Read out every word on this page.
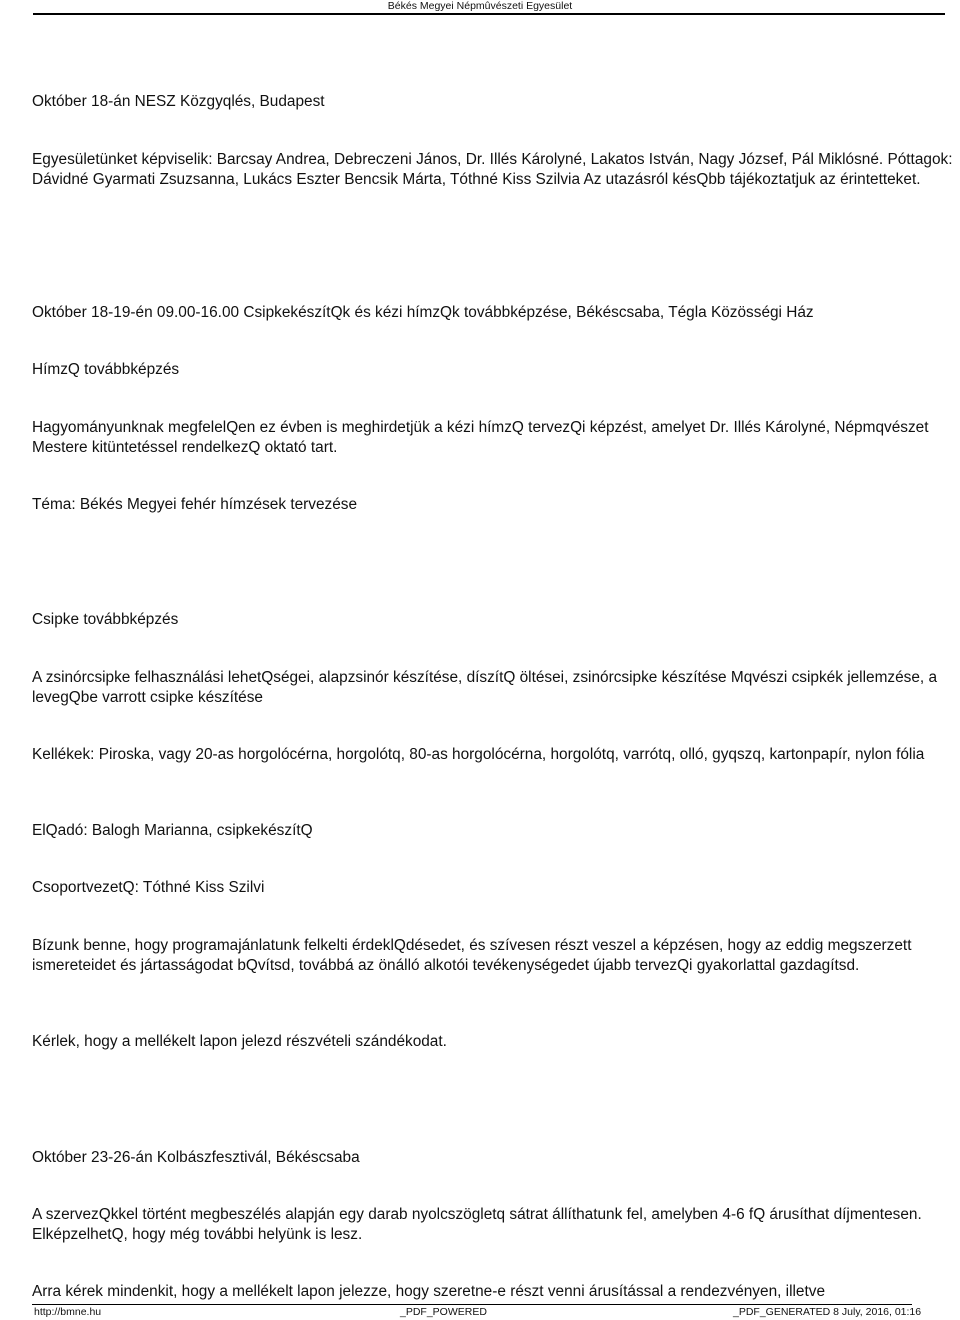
Békés Megyei Népmûvészeti Egyesület

Október 18-án NESZ Közgyqlés, Budapest

Egyesületünket képviselik: Barcsay Andrea, Debreczeni János, Dr. Illés Károlyné, Lakatos István, Nagy József, Pál Miklósné. Póttagok: Dávidné Gyarmati Zsuzsanna, Lukács Eszter Bencsik Márta, Tóthné Kiss Szilvia Az utazásról késQbb tájékoztatjuk az érintetteket.

Október 18-19-én 09.00-16.00 CsipkekészítQk és kézi hímzQk továbbképzése, Békéscsaba, Tégla Közösségi Ház

HímzQ továbbképzés

Hagyományunknak megfelelQen ez évben is meghirdetjük a kézi hímzQ tervezQi képzést, amelyet Dr. Illés Károlyné, Népmqvészet Mestere kitüntetéssel rendelkezQ oktató tart.

Téma: Békés Megyei fehér hímzések tervezése

Csipke továbbképzés

A zsinórcsipke felhasználási lehetQségei, alapzsinór készítése, díszítQ öltései, zsinórcsipke készítése Mqvészi csipkék jellemzése, a levegQbe varrott csipke készítése

Kellékek: Piroska, vagy 20-as horgolócérna, horgolótq, 80-as horgolócérna, horgolótq, varrótq, olló, gyqszq, kartonpapír, nylon fólia

ElQadó: Balogh Marianna, csipkekészítQ

CsoportvezetQ: Tóthné Kiss Szilvi

Bízunk benne, hogy programajánlatunk felkelti érdeklQdésedet, és szívesen részt veszel a képzésen, hogy az eddig megszerzett ismereteidet és jártasságodat bQvítsd, továbbá az önálló alkotói tevékenységedet újabb tervezQi gyakorlattal gazdagítsd.

Kérlek, hogy a mellékelt lapon jelezd részvételi szándékodat.

Október 23-26-án Kolbászfesztivál, Békéscsaba

A szervezQkkel történt megbeszélés alapján egy darab nyolcszögletq sátrat állíthatunk fel, amelyben 4-6 fQ árusíthat díjmentesen. ElképzelhetQ, hogy még további helyünk is lesz.

Arra kérek mindenkit, hogy a mellékelt lapon jelezze, hogy szeretne-e részt venni árusítással a rendezvényen, illetve

http://bmne.hu	_PDF_POWERED	_PDF_GENERATED 8 July, 2016, 01:16
